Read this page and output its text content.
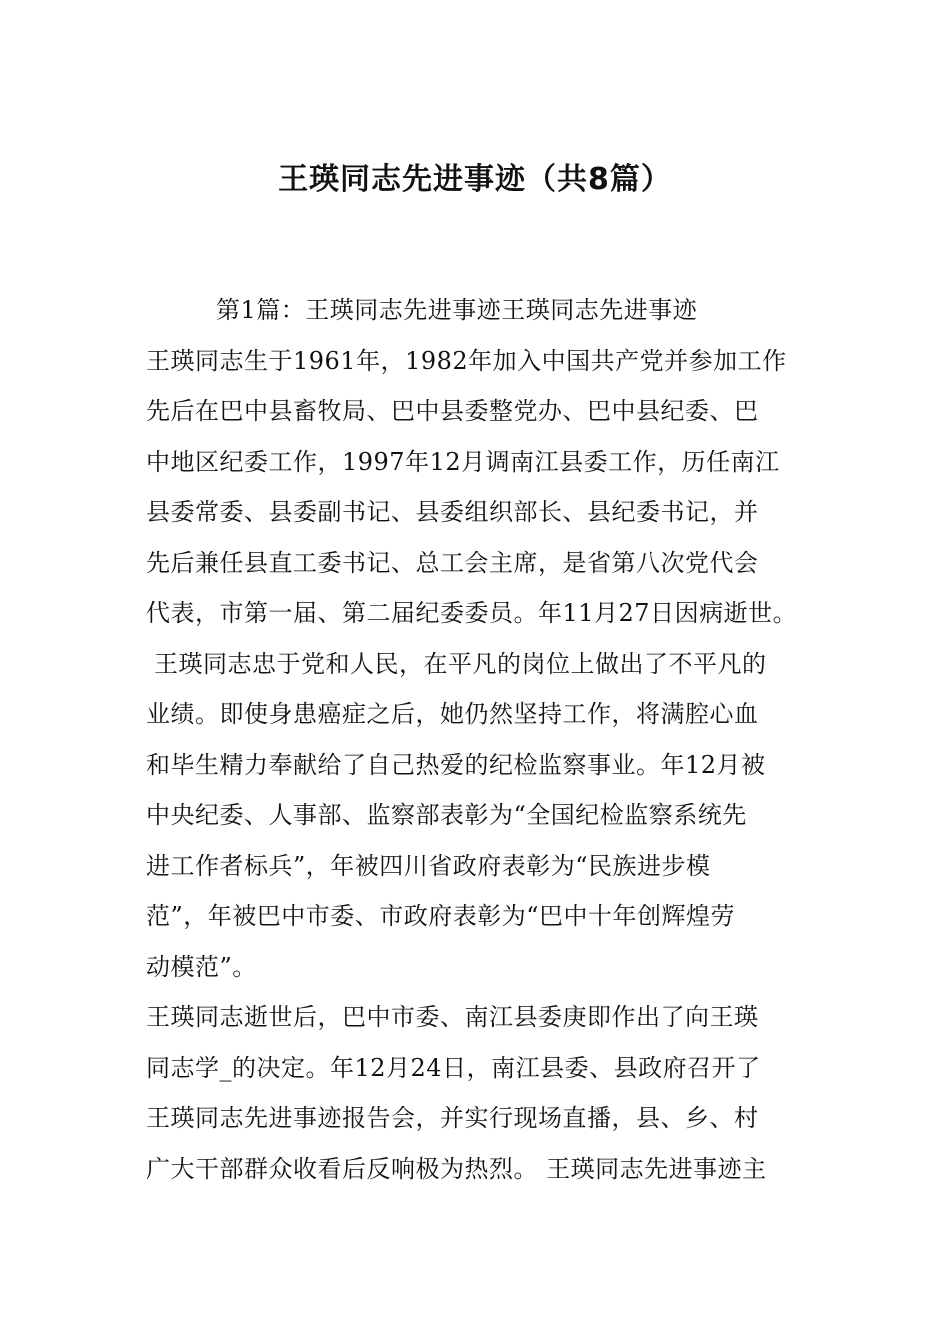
王瑛同志先进事迹（共8篇）
第1篇：王瑛同志先进事迹王瑛同志先进事迹
王瑛同志生于1961年，1982年加入中国共产党并参加工作
先后在巴中县畜牧局、巴中县委整党办、巴中县纪委、巴
中地区纪委工作，1997年12月调南江县委工作，历任南江
县委常委、县委副书记、县委组织部长、县纪委书记，并
先后兼任县直工委书记、总工会主席，是省第八次党代会
代表，市第一届、第二届纪委委员。年11月27日因病逝世。
王瑛同志忠于党和人民，在平凡的岗位上做出了不平凡的
业绩。即使身患癌症之后，她仍然坚持工作，将满腔心血
和毕生精力奉献给了自己热爱的纪检监察事业。年12月被
中央纪委、人事部、监察部表彰为“全国纪检监察系统先
进工作者标兵”，年被四川省政府表彰为“民族进步模
范”，年被巴中市委、市政府表彰为“巴中十年创辉煌劳
动模范”。
王瑛同志逝世后，巴中市委、南江县委庚即作出了向王瑛
同志学_的决定。年12月24日，南江县委、县政府召开了
王瑛同志先进事迹报告会，并实行现场直播，县、乡、村
广大干部群众收看后反响极为热烈。 王瑛同志先进事迹主
